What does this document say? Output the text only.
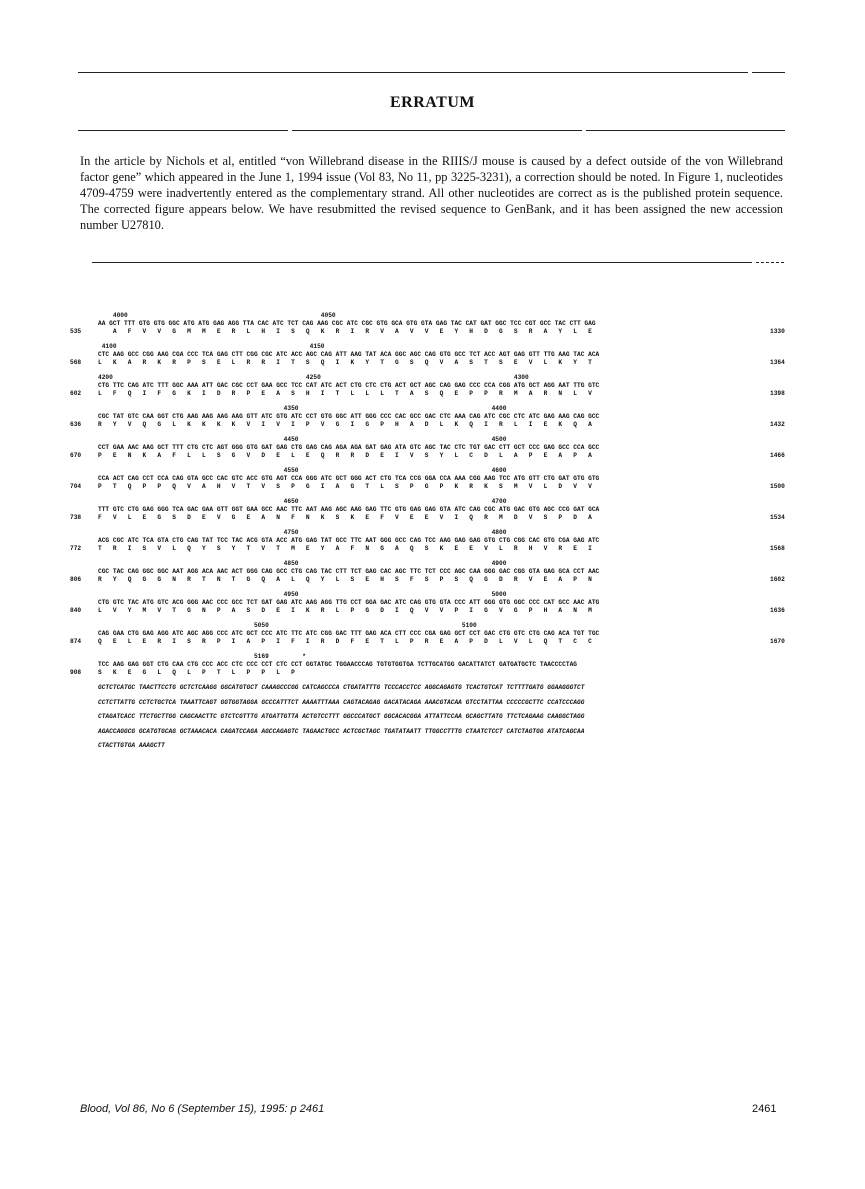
ERRATUM
In the article by Nichols et al, entitled “von Willebrand disease in the RIIIS/J mouse is caused by a defect outside of the von Willebrand factor gene” which appeared in the June 1, 1994 issue (Vol 83, No 11, pp 3225-3231), a correction should be noted. In Figure 1, nucleotides 4709-4759 were inadvertently entered as the complementary strand. All other nucleotides are correct as is the published protein sequence. The corrected figure appears below. We have resubmitted the revised sequence to GenBank, and it has been assigned the new accession number U27810.
4000                                                    4050
AA GCT TTT GTG GTG GGC ATG ATG GAG AGG TTA CAC ATC TCT CAG AAG CGC ATC CGC GTG GCA GTG GTA GAG TAC CAT GAT GGC TCC CGT GCC TAC CTT GAG
535	A   F   V   V   G   M   M   E   R   L   H   I   S   Q   K   R   I   R   V   A   V   V   E   Y   H   D   G   S   R   A   Y   L   E	1330
4100                                                    4150
CTC AAG GCC CGG AAG CGA CCC TCA GAG CTT CGG CGC ATC ACC AGC CAG ATT AAG TAT ACA GGC AGC CAG GTG GCC TCT ACC AGT GAG GTT TTG AAG TAC ACA
568	L   K   A   R   K   R   P   S   E   L   R   R   I   T   S   Q   I   K   Y   T   G   S   Q   V   A   S   T   S   E   V   L   K   Y   T	1364
4200                                                    4250                                                    4300
CTG TTC CAG ATC TTT GGC AAA ATT GAC CGC CCT GAA GCC TCC CAT ATC ACT CTG CTC CTG ACT GCT AGC CAG GAG CCC CCA CGG ATG GCT AGG AAT TTG GTC
602	L   F   Q   I   F   G   K   I   D   R   P   E   A   S   H   I   T   L   L   L   T   A   S   Q   E   P   P   R   M   A   R   N   L   V	1398
4350                                                    4400
CGC TAT GTC CAA GGT CTG AAG AAG AAG AAG GTT ATC GTG ATC CCT GTG GGC ATT GGG CCC CAC GCC GAC CTC AAA CAG ATC CGC CTC ATC GAG AAG CAG GCC
636	R   Y   V   Q   G   L   K   K   K   K   V   I   V   I   P   V   G   I   G   P   H   A   D   L   K   Q   I   R   L   I   E   K   Q   A	1432
4450                                                    4500
CCT GAA AAC AAG GCT TTT CTG CTC AGT GGG GTG GAT GAG CTG GAG CAG AGA AGA GAT GAG ATA GTC AGC TAC CTC TGT GAC CTT GCT CCC GAG GCC CCA GCC
670	P   E   N   K   A   F   L   L   S   G   V   D   E   L   E   Q   R   R   D   E   I   V   S   Y   L   C   D   L   A   P   E   A   P   A	1466
4550                                                    4600
CCA ACT CAG CCT CCA CAG GTA GCC CAC GTC ACC GTG AGT CCA GGG ATC GCT GGG ACT CTG TCA CCG GGA CCA AAA CGG AAG TCC ATG GTT CTG GAT GTG GTG
704	P   T   Q   P   P   Q   V   A   H   V   T   V   S   P   G   I   A   G   T   L   S   P   G   P   K   R   K   S   M   V   L   D   V   V	1500
4650                                                    4700
TTT GTC CTG GAG GGG TCA GAC GAA GTT GGT GAA GCC AAC TTC AAT AAG AGC AAG GAG TTC GTG GAG GAG GTA ATC CAG CGC ATG GAC GTG AGC CCG GAT GCA
738	F   V   L   E   G   S   D   E   V   G   E   A   N   F   N   K   S   K   E   F   V   E   E   V   I   Q   R   M   D   V   S   P   D   A	1534
4750                                                    4800
ACG CGC ATC TCA GTA CTG CAG TAT TCC TAC ACG GTA ACC ATG GAG TAT GCC TTC AAT GGG GCC CAG TCC AAG GAG GAG GTG CTG CGG CAC GTG CGA GAG ATC
772	T   R   I   S   V   L   Q   Y   S   Y   T   V   T   M   E   Y   A   F   N   G   A   Q   S   K   E   E   V   L   R   H   V   R   E   I	1568
4850                                                    4900
CGC TAC CAG GGC GGC AAT AGG ACA AAC ACT GGG CAG GCC CTG CAG TAC CTT TCT GAG CAC AGC TTC TCT CCC AGC CAA GGG GAC CGG GTA GAG GCA CCT AAC
806	R   Y   Q   G   G   N   R   T   N   T   G   Q   A   L   Q   Y   L   S   E   H   S   F   S   P   S   Q   G   D   R   V   E   A   P   N	1602
4950                                                    5000
CTG GTC TAC ATG GTC ACG GGG AAC CCC GCC TCT GAT GAG ATC AAG AGG TTG CCT GGA GAC ATC CAG GTG GTA CCC ATT GGG GTG GGC CCC CAT GCC AAC ATG
840	L   V   Y   M   V   T   G   N   P   A   S   D   E   I   K   R   L   P   G   D   I   Q   V   V   P   I   G   V   G   P   H   A   N   M	1636
5050                                                    5100
CAG GAA CTG GAG AGG ATC AGC AGG CCC ATC GCT CCC ATC TTC ATC CGG GAC TTT GAG ACA CTT CCC CGA GAG GCT CCT GAC CTG GTC CTG CAG ACA TGT TGC
874	Q   E   L   E   R   I   S   R   P   I   A   P   I   F   I   R   D   F   E   T   L   P   R   E   A   P   D   L   V   L   Q   T   C   C	1670
5169         *
TCC AAG GAG GGT CTG CAA CTG CCC ACC CTC CCC CCT CTC CCT GGTATGC TGGAACCCAG TGTGTGGTGA TCTTGCATGG GACATTATCT GATGATGCTC TAACCCCTAG
908	S   K   E   G   L   Q   L   P   T   L   P   P   L   P
GCTCTCATGC TAACTTCCTG GCTCTCAAGG GGCATGTGCT CAAAGCCCGG CATCAGCCCA CTGATATTTG TCCCACCTCC AGGCAGAGTG TCACTGTCAT TCTTTTGATG GGAAGGGTCT
CCTCTTATTG CCTCTGCTCA TAAATTCAGT GGTGGTAGGA GCCCATTTCT AAAATTTAAA CAGTACAGAG GACATACAGA AAACGTACAA GTCCTATTAA CCCCCGCTTC CCATCCCAGG
CTAGATCACC TTCTGCTTGG CAGCAACTTC GTCTCGTTTG ATGATTGTTA ACTGTCCTTT GGCCCATGCT GGCACACGGA ATTATTCCAA GCAGCTTATG TTCTCAGAAG CAAGGCTAGG
AGACCAGGCG GCATGTGCAG GCTAAACACA CAGATCCAGA AGCCAGAGTC TAGAACTGCC ACTCGCTAGC TGATATAATT TTGGCCTTTG CTAATCTCCT CATCTAGTGG ATATCAGCAA
CTACTTGTGA AAAGCTT
Blood, Vol 86, No 6 (September 15), 1995: p 2461	2461
